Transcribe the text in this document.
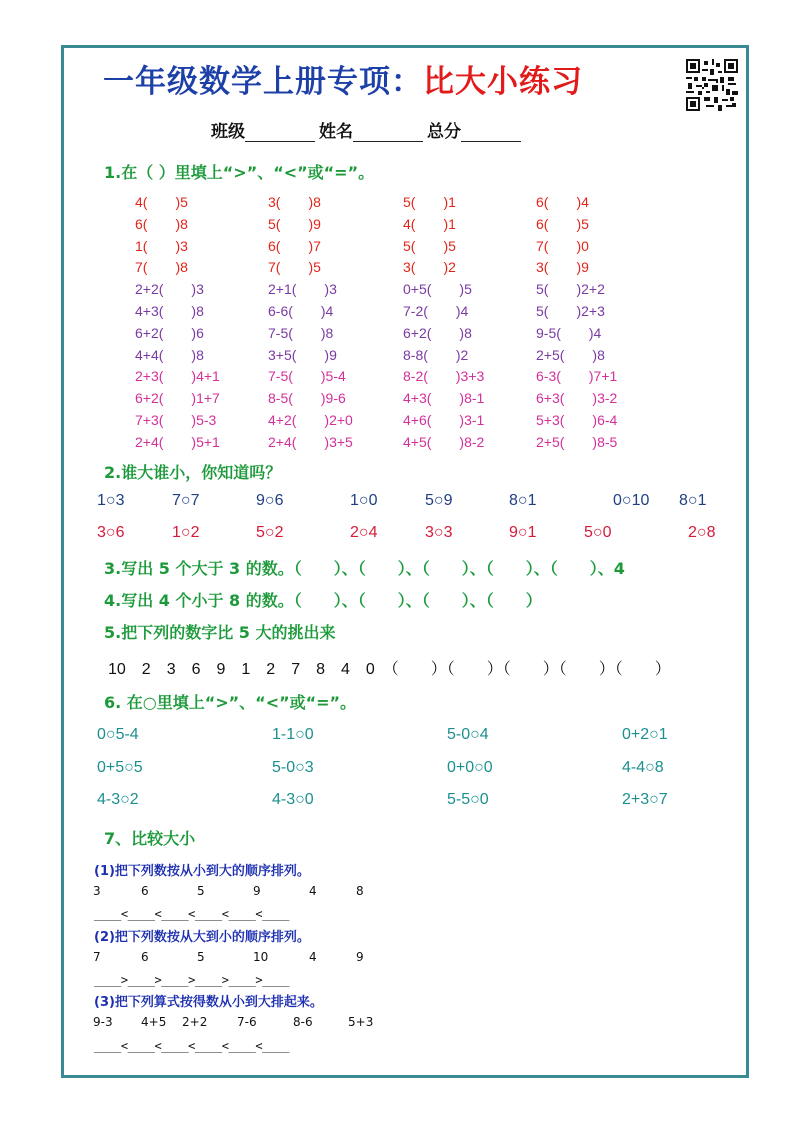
一年级数学上册专项：比大小练习
班级	姓名	总分
1.在（ ）里填上“>”、“<”或“=”。
4(　　)5	3(　　)8	5(　　)1	6(　　)4
6(　　)8	5(　　)9	4(　　)1	6(　　)5
1(　　)3	6(　　)7	5(　　)5	7(　　)0
7(　　)8	7(　　)5	3(　　)2	3(　　)9
2+2(　　)3	2+1(　　)3	0+5(　　)5	5(　　)2+2
4+3(　　)8	6-6(　　)4	7-2(　　)4	5(　　)2+3
6+2(　　)6	7-5(　　)8	6+2(　　)8	9-5(　　)4
4+4(　　)8	3+5(　　)9	8-8(　　)2	2+5(　　)8
2+3(　　)4+1	7-5(　　)5-4	8-2(　　)3+3	6-3(　　)7+1
6+2(　　)1+7	8-5(　　)9-6	4+3(　　)8-1	6+3(　　)3-2
7+3(　　)5-3	4+2(　　)2+0	4+6(　　)3-1	5+3(　　)6-4
2+4(　　)5+1	2+4(　　)3+5	4+5(　　)8-2	2+5(　　)8-5
2.谁大谁小，你知道吗？
1○3	7○7	9○6	1○0	5○9	8○1	0○10 8○1
3○6	1○2	5○2	2○4	3○3	9○1	5○0	2○8
3.写出 5 个大于 3 的数。（　　）、（　　）、（　　）、（　　）、（　　）、4
4.写出 4 个小于 8 的数。（　　）、（　　）、（　　）、（　　）
5.把下列的数字比 5 大的挑出来
10　2　3　6　9　1　2　7　8　4　0　（　　）（　　）（　　）（　　）（　　）
6. 在○里填上“>”、“<”或“=”。
0○5-4	1-1○0	5-0○4	0+2○1
0+5○5	5-0○3	0+0○0	4-4○8
4-3○2	4-3○0	5-5○0	2+3○7
7、比较大小
(1)把下列数按从小到大的顺序排列。
3	6	5	9	4	8
____<____<____<____<____<____
(2)把下列数按从大到小的顺序排列。
7	6	5	10	4	9
____>____>____>____>____>____
(3)把下列算式按得数从小到大排起来。
9-3 4+5 2+2 7-6	8-6	5+3
____<____<____<____<____<____
